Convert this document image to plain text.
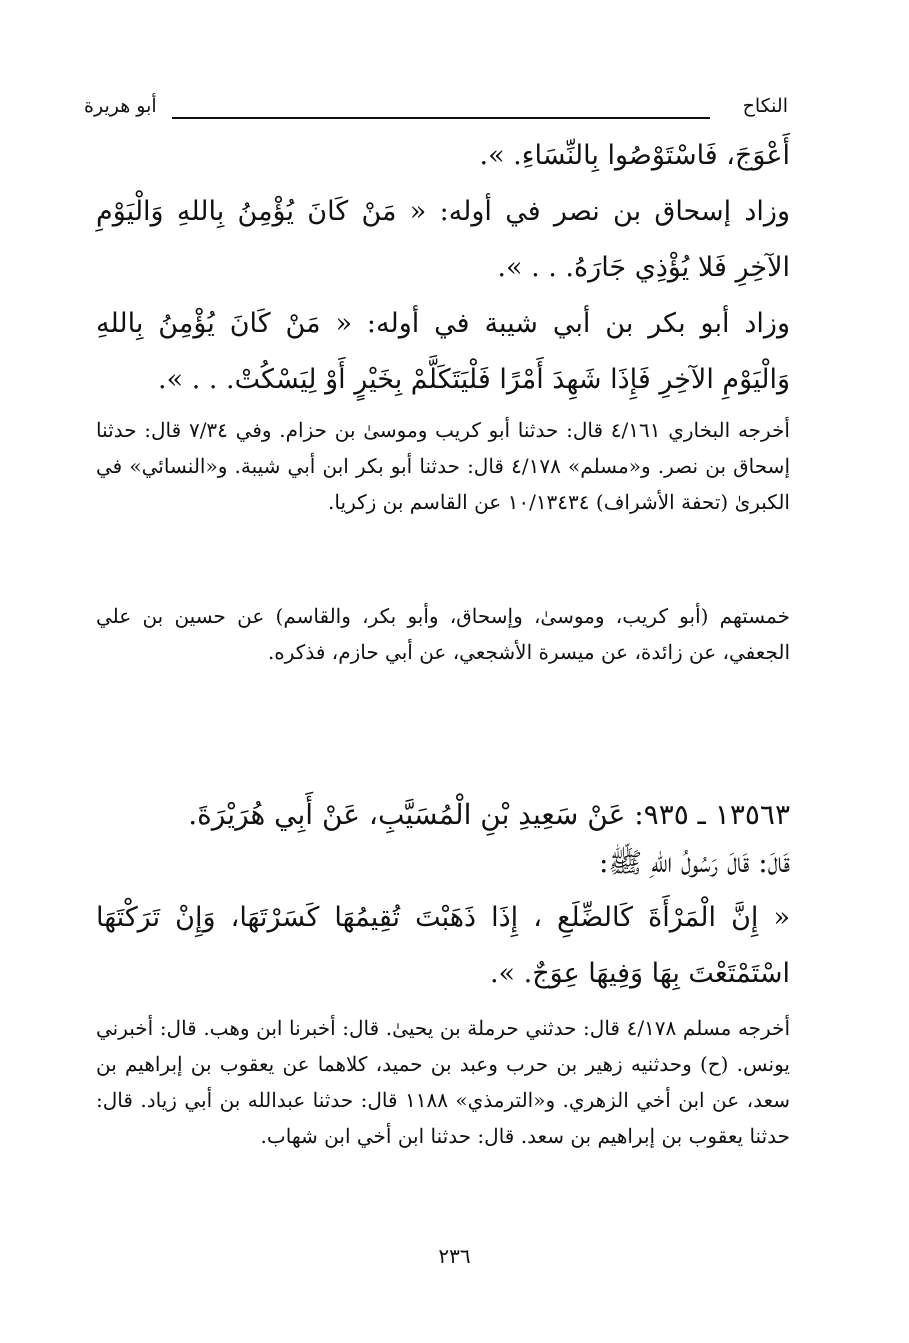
النكاح
أبو هريرة
أَعْوَجَ، فَاسْتَوْصُوا بِالنِّسَاءِ. ».
وزاد إسحاق بن نصر في أوله: « مَنْ كَانَ يُؤْمِنُ بِاللهِ وَالْيَوْمِ الآخِرِ فَلا يُؤْذِي جَارَهُ. . . ».
وزاد أبو بكر بن أبي شيبة في أوله: « مَنْ كَانَ يُؤْمِنُ بِاللهِ وَالْيَوْمِ الآخِرِ فَإِذَا شَهِدَ أَمْرًا فَلْيَتَكَلَّمْ بِخَيْرٍ أَوْ لِيَسْكُتْ. . . ».
أخرجه البخاري ٤/١٦١ قال: حدثنا أبو كريب وموسىٰ بن حزام. وفي ٧/٣٤ قال: حدثنا إسحاق بن نصر. و«مسلم» ٤/١٧٨ قال: حدثنا أبو بكر ابن أبي شيبة. و«النسائي» في الكبرىٰ (تحفة الأشراف) ١٠/١٣٤٣٤ عن القاسم بن زكريا.
خمستهم (أبو كريب، وموسىٰ، وإسحاق، وأبو بكر، والقاسم) عن حسين بن علي الجعفي، عن زائدة، عن ميسرة الأشجعي، عن أبي حازم، فذكره.
١٣٥٦٣ ـ ٩٣٥: عَنْ سَعِيدِ بْنِ الْمُسَيَّبِ، عَنْ أَبِي هُرَيْرَةَ.
قَالَ: قَالَ رَسُولُ اللهِ ﷺ:
« إِنَّ الْمَرْأَةَ كَالضِّلَعِ ، إِذَا ذَهَبْتَ تُقِيمُهَا كَسَرْتَهَا، وَإِنْ تَرَكْتَهَا اسْتَمْتَعْتَ بِهَا وَفِيهَا عِوَجٌ. ».
أخرجه مسلم ٤/١٧٨ قال: حدثني حرملة بن يحيىٰ. قال: أخبرنا ابن وهب. قال: أخبرني يونس. (ح) وحدثنيه زهير بن حرب وعبد بن حميد، كلاهما عن يعقوب بن إبراهيم بن سعد، عن ابن أخي الزهري. و«الترمذي» ١١٨٨ قال: حدثنا عبدالله بن أبي زياد. قال: حدثنا يعقوب بن إبراهيم بن سعد. قال: حدثنا ابن أخي ابن شهاب.
٢٣٦
